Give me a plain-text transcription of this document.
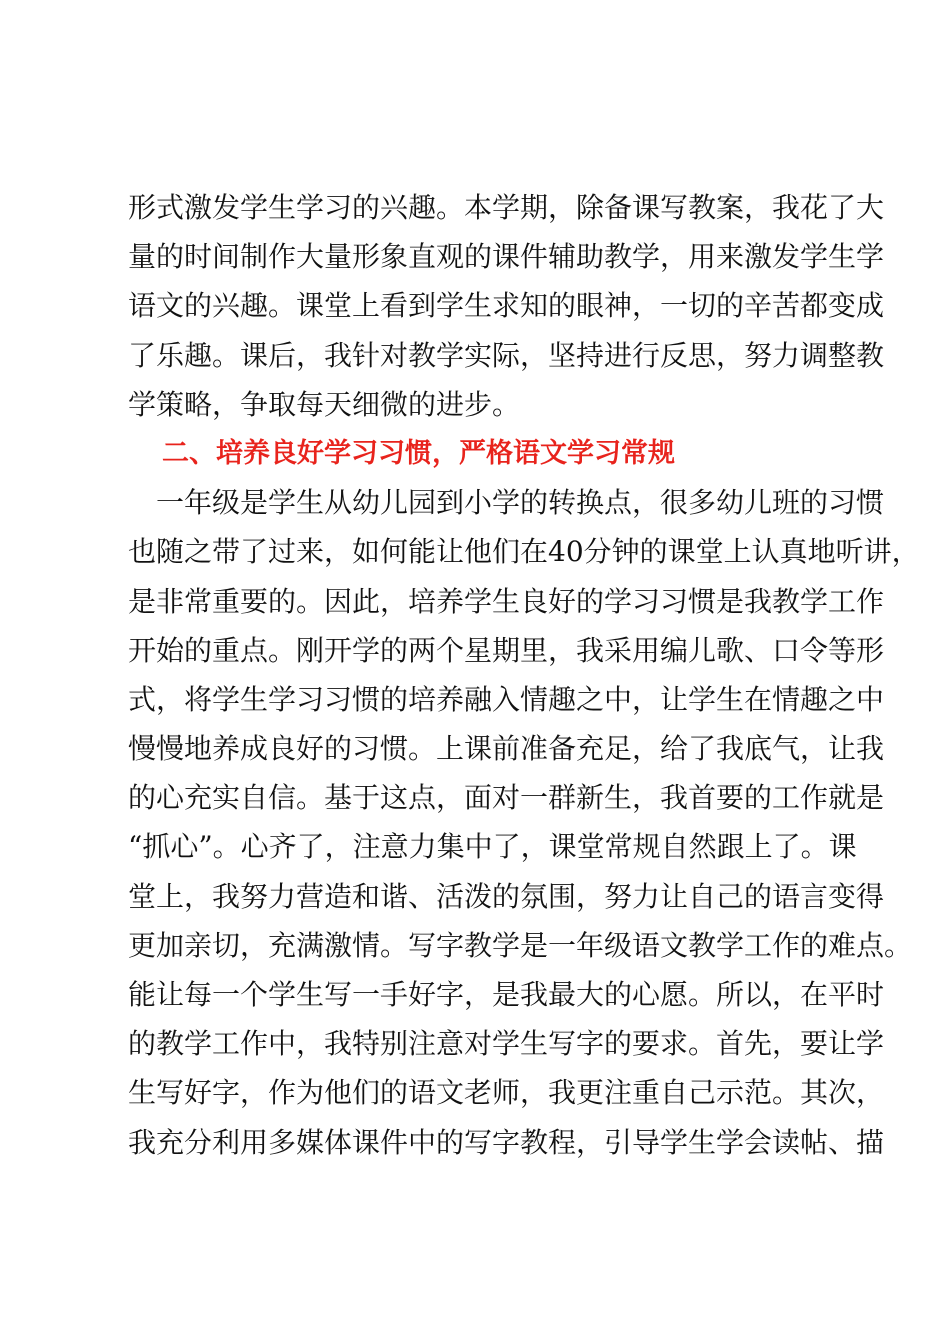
形式激发学生学习的兴趣。本学期，除备课写教案，我花了大
量的时间制作大量形象直观的课件辅助教学，用来激发学生学
语文的兴趣。课堂上看到学生求知的眼神，一切的辛苦都变成
了乐趣。课后，我针对教学实际，坚持进行反思，努力调整教
学策略，争取每天细微的进步。
二、培养良好学习习惯，严格语文学习常规
一年级是学生从幼儿园到小学的转换点，很多幼儿班的习惯
也随之带了过来，如何能让他们在40分钟的课堂上认真地听讲，
是非常重要的。因此，培养学生良好的学习习惯是我教学工作
开始的重点。刚开学的两个星期里，我采用编儿歌、口令等形
式，将学生学习习惯的培养融入情趣之中，让学生在情趣之中
慢慢地养成良好的习惯。上课前准备充足，给了我底气，让我
的心充实自信。基于这点，面对一群新生，我首要的工作就是
“抓心”。心齐了，注意力集中了，课堂常规自然跟上了。课
堂上，我努力营造和谐、活泼的氛围，努力让自己的语言变得
更加亲切，充满激情。写字教学是一年级语文教学工作的难点。
能让每一个学生写一手好字，是我最大的心愿。所以，在平时
的教学工作中，我特别注意对学生写字的要求。首先，要让学
生写好字，作为他们的语文老师，我更注重自己示范。其次，
我充分利用多媒体课件中的写字教程，引导学生学会读帖、描
